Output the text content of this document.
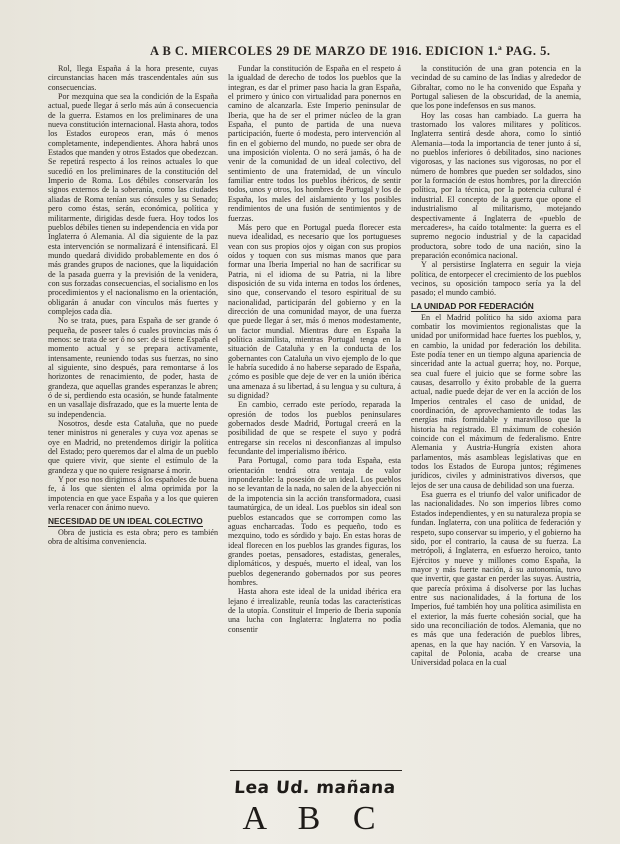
A B C. MIERCOLES 29 DE MARZO DE 1916. EDICION 1.ª PAG. 5.

Rol, llega España á la hora presente, cuyas circunstancias hacen más trascendentales aún sus consecuencias.

Por mezquina que sea la condición de la España actual, puede llegar á serlo más aún á consecuencia de la guerra. Estamos en los preliminares de una nueva constitución internacional. Hasta ahora, todos los Estados europeos eran, más ó menos completamente, independientes. Ahora habrá unos Estados que manden y otros Estados que obedezcan. Se repetirá respecto á los reinos actuales lo que sucedió en los preliminares de la constitución del Imperio de Roma. Los débiles conservarán los signos externos de la soberanía, como las ciudades aliadas de Roma tenían sus cónsules y su Senado; pero como éstas, serán, económica, política y militarmente, dirigidas desde fuera. Hoy todos los pueblos débiles tienen su independencia en vida por Inglaterra ó Alemania. Al día siguiente de la paz esta intervención se normalizará é intensificará. El mundo quedará dividido probablemente en dos ó más grandes grupos de naciones, que la liquidación de la pasada guerra y la previsión de la venidera, con sus forzadas consecuencias, el socialismo en los procedimientos y el nacionalismo en la orientación, obligarán á anudar con vínculos más fuertes y complejos cada día.

No se trata, pues, para España de ser grande ó pequeña, de poseer tales ó cuales provincias más ó menos: se trata de ser ó no ser: de si tiene España el momento actual y se prepara activamente, intensamente, reuniendo todas sus fuerzas, no sino al siguiente, sino después, para remontarse á los horizontes de renacimiento, de poder, hasta de grandeza, que aquellas grandes esperanzas le abren; ó de si, perdiendo esta ocasión, se hunde fatalmente en un vasallaje disfrazado, que es la muerte lenta de su independencia.

Nosotros, desde esta Cataluña, que no puede tener ministros ni generales y cuya voz apenas se oye en Madrid, no pretendemos dirigir la política del Estado; pero queremos dar el alma de un pueblo que quiere vivir, que siente el estímulo de la grandeza y que no quiere resignarse á morir.

Y por eso nos dirigimos á los españoles de buena fe, á los que sienten el alma oprimida por la impotencia en que yace España y a los que quieren verla renacer con ánimo nuevo.

NECESIDAD DE UN IDEAL COLECTIVO

Obra de justicia es esta obra; pero es también obra de altísima conveniencia.

Fundar la constitución de España en el respeto á la igualdad de derecho de todos los pueblos que la integran, es dar el primer paso hacia la gran España, el primero y único con virtualidad para ponernos en camino de alcanzarla. Este Imperio peninsular de Iberia, que ha de ser el primer núcleo de la gran España, el punto de partida de una nueva participación, fuerte ó modesta, pero intervención al fin en el gobierno del mundo, no puede ser obra de una imposición violenta. O no será jamás, ó ha de venir de la comunidad de un ideal colectivo, del sentimiento de una fraternidad, de un vínculo familiar entre todos los pueblos ibéricos, de sentir todos, unos y otros, los hombres de Portugal y los de España, los males del aislamiento y los posibles rendimientos de una fusión de sentimientos y de fuerzas.

Más pero que en Portugal pueda florecer esta nueva idealidad, es necesario que los portugueses vean con sus propios ojos y oigan con sus propios oídos y toquen con sus mismas manos que para formar una Iberia Imperial no han de sacrificar su Patria, ni el idioma de su Patria, ni la libre disposición de su vida interna en todos los órdenes, sino que, conservando el tesoro espiritual de su nacionalidad, participarán del gobierno y en la dirección de una comunidad mayor, de una fuerza que puede llegar á ser, más ó menos modestamente, un factor mundial. Mientras dure en España la política asimilista, mientras Portugal tenga en la situación de Cataluña y en la conducta de los gobernantes con Cataluña un vivo ejemplo de lo que le habría sucedido á no haberse separado de España, ¿cómo es posible que deje de ver en la unión ibérica una amenaza á su libertad, á su lengua y su cultura, á su dignidad?

En cambio, cerrado este período, reparada la opresión de todos los pueblos peninsulares gobernados desde Madrid, Portugal creerá en la posibilidad de que se respete el suyo y podrá entregarse sin recelos ni desconfianzas al impulso fecundante del imperialismo ibérico.

Para Portugal, como para toda España, esta orientación tendrá otra ventaja de valor imponderable: la posesión de un ideal. Los pueblos no se levantan de la nada, no salen de la abyección ni de la impotencia sin la acción transformadora, cuasi taumatúrgica, de un ideal. Los pueblos sin ideal son pueblos estancados que se corrompen como las aguas encharcadas. Todo es pequeño, todo es mezquino, todo es sórdido y bajo. En estas horas de ideal florecen en los pueblos las grandes figuras, los grandes poetas, pensadores, estadistas, generales, diplomáticos, y después, muerto el ideal, van los pueblos degenerando gobernados por sus peores hombres.

Hasta ahora este ideal de la unidad ibérica era lejano é irrealizable, reunía todas las características de la utopía. Constituir el Imperio de Iberia suponía una lucha con Inglaterra: Inglaterra no podía consentir

Lea Ud. mañana
A B C

la constitución de una gran potencia en la vecindad de su camino de las Indias y alrededor de Gibraltar, como no le ha convenido que España y Portugal saliesen de la obscuridad, de la anemia, que los pone indefensos en sus manos.

Hoy las cosas han cambiado. La guerra ha trastornado los valores militares y políticos. Inglaterra sentirá desde ahora, como lo sintió Alemania—toda la importancia de tener junto á sí, no pueblos inferiores ó debilitados, sino naciones vigorosas, y las naciones sus vigorosas, no por el número de hombres que pueden ser soldados, sino por la formación de estos hombres, por la dirección política, por la técnica, por la potencia cultural é industrial. El concepto de la guerra que opone el industrialismo al militarismo, motejando despectivamente á Inglaterra de «pueblo de mercaderes», ha caído totalmente: la guerra es el supremo negocio industrial y de la capacidad productora, sobre todo de una nación, sino la preparación económica nacional.

Y al persistirse Inglaterra en seguir la vieja política, de entorpecer el crecimiento de los pueblos vecinos, su oposición tampoco sería ya la del pasado; el mundo cambió.

LA UNIDAD POR FEDERACIÓN

En el Madrid político ha sido axioma para combatir los movimientos regionalistas que la unidad por uniformidad hace fuertes los pueblos, y, en cambio, la unidad por federación los debilita. Este podía tener en un tiempo alguna apariencia de sinceridad ante la actual guerra; hoy, no. Porque, sea cual fuere el juicio que se forme sobre las causas, desarrollo y éxito probable de la guerra actual, nadie puede dejar de ver en la acción de los Imperios centrales el caso de unidad, de coordinación, de aprovechamiento de todas las energías más formidable y maravilloso que la historia ha registrado. El máximum de cohesión coincide con el máximum de federalismo. Entre Alemania y Austria-Hungría existen ahora parlamentos, más asambleas legislativas que en todos los Estados de Europa juntos; régimenes jurídicos, civiles y administrativos diversos, que lejos de ser una causa de debilidad son una fuerza.

Esa guerra es el triunfo del valor unificador de las nacionalidades. No son imperios libres como Estados independientes, y en su naturaleza propia se fundan. Inglaterra, con una política de federación y respeto, supo conservar su imperio, y el gobierno ha sido, por el contrario, la causa de su fuerza. La metrópoli, á Inglaterra, en esfuerzo heroico, tanto Ejércitos y nueve y millones como España, la mayor y más fuerte nación, á su autonomía, tuvo que invertir, que gastar en perder las suyas. Austria, que parecía próxima á disolverse por las luchas entre sus nacionalidades, á la fortuna de los Imperios, fué también hoy una política asimilista en el exterior, la más fuerte cohesión social, que ha sido una reconciliación de todos. Alemania, que no es más que una federación de pueblos libres, apenas, en la que hay nación. Y en Varsovia, la capital de Polonia, acaba de crearse una Universidad polaca en la cual
